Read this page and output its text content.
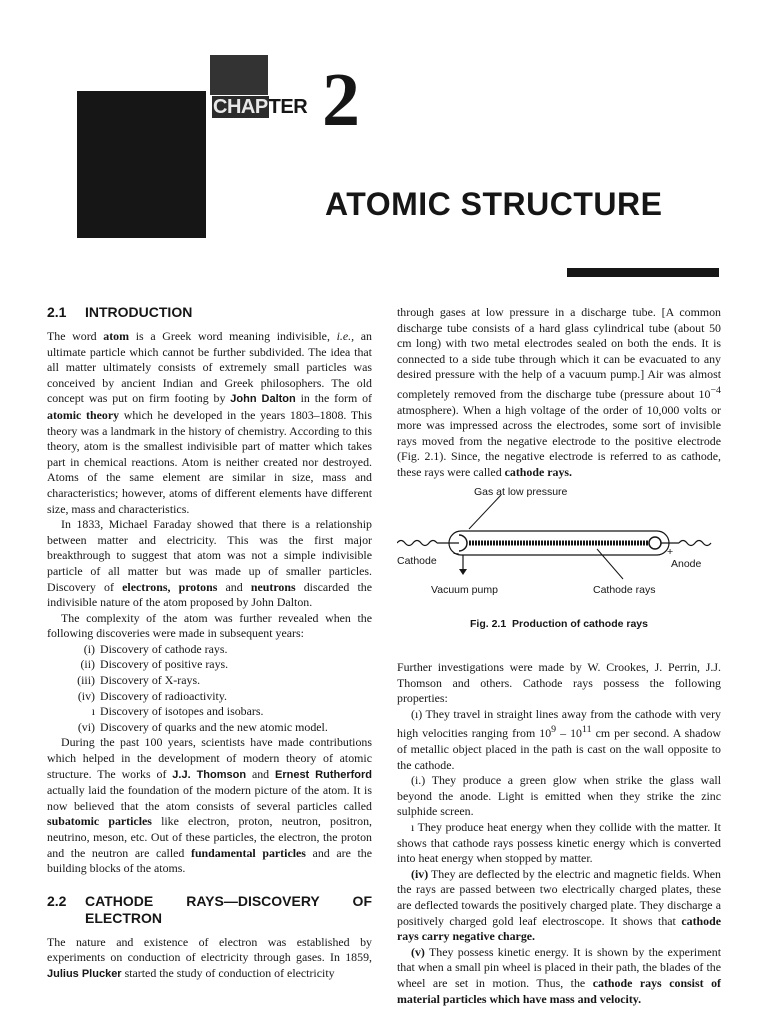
CHAPTER 2
ATOMIC STRUCTURE
2.1	INTRODUCTION

The word atom is a Greek word meaning indivisible, i.e., an ultimate particle which cannot be further subdivided. The idea that all matter ultimately consists of extremely small particles was conceived by ancient Indian and Greek philosophers. The old concept was put on firm footing by John Dalton in the form of atomic theory which he developed in the years 1803–1808. This theory was a landmark in the history of chemistry. According to this theory, atom is the smallest indivisible part of matter which takes part in chemical reactions. Atom is neither created nor destroyed. Atoms of the same element are similar in size, mass and characteristics; however, atoms of different elements have different size, mass and characteristics.

In 1833, Michael Faraday showed that there is a relationship between matter and electricity. This was the first major breakthrough to suggest that atom was not a simple indivisible particle of all matter but was made up of smaller particles. Discovery of electrons, protons and neutrons discarded the indivisible nature of the atom proposed by John Dalton.

The complexity of the atom was further revealed when the following discoveries were made in subsequent years:

(i) Discovery of cathode rays.
(ii) Discovery of positive rays.
(iii) Discovery of X-rays.
(iv) Discovery of radioactivity.
ı Discovery of isotopes and isobars.
(vi) Discovery of quarks and the new atomic model.

During the past 100 years, scientists have made contributions which helped in the development of modern theory of atomic structure. The works of J.J. Thomson and Ernest Rutherford actually laid the foundation of the modern picture of the atom. It is now believed that the atom consists of several particles called subatomic particles like electron, proton, neutron, positron, neutrino, meson, etc. Out of these particles, the electron, the proton and the neutron are called fundamental particles and are the building blocks of the atoms.

2.2	CATHODE RAYS—DISCOVERY OF ELECTRON

The nature and existence of electron was established by experiments on conduction of electricity through gases. In 1859, Julius Plucker started the study of conduction of electricity

through gases at low pressure in a discharge tube. [A common discharge tube consists of a hard glass cylindrical tube (about 50 cm long) with two metal electrodes sealed on both the ends. It is connected to a side tube through which it can be evacuated to any desired pressure with the help of a vacuum pump.] Air was almost completely removed from the discharge tube (pressure about $10^{-4}$ atmosphere). When a high voltage of the order of 10,000 volts or more was impressed across the electrodes, some sort of invisible rays moved from the negative electrode to the positive electrode (Fig. 2.1). Since, the negative electrode is referred to as cathode, these rays were called cathode rays.

Gas at low pressure
Cathode
−	+
Anode
Vacuum pump	Cathode rays
Fig. 2.1 Production of cathode rays

Further investigations were made by W. Crookes, J. Perrin, J.J. Thomson and others. Cathode rays possess the following properties:

(ı) They travel in straight lines away from the cathode with very high velocities ranging from $10^9 - 10^{11}$ cm per second. A shadow of metallic object placed in the path is cast on the wall opposite to the cathode.

(i.) They produce a green glow when strike the glass wall beyond the anode. Light is emitted when they strike the zinc sulphide screen.

ı They produce heat energy when they collide with the matter. It shows that cathode rays possess kinetic energy which is converted into heat energy when stopped by matter.

(iv) They are deflected by the electric and magnetic fields. When the rays are passed between two electrically charged plates, these are deflected towards the positively charged plate. They discharge a positively charged gold leaf electroscope. It shows that cathode rays carry negative charge.

(v) They possess kinetic energy. It is shown by the experiment that when a small pin wheel is placed in their path, the blades of the wheel are set in motion. Thus, the cathode rays consist of material particles which have mass and velocity.
